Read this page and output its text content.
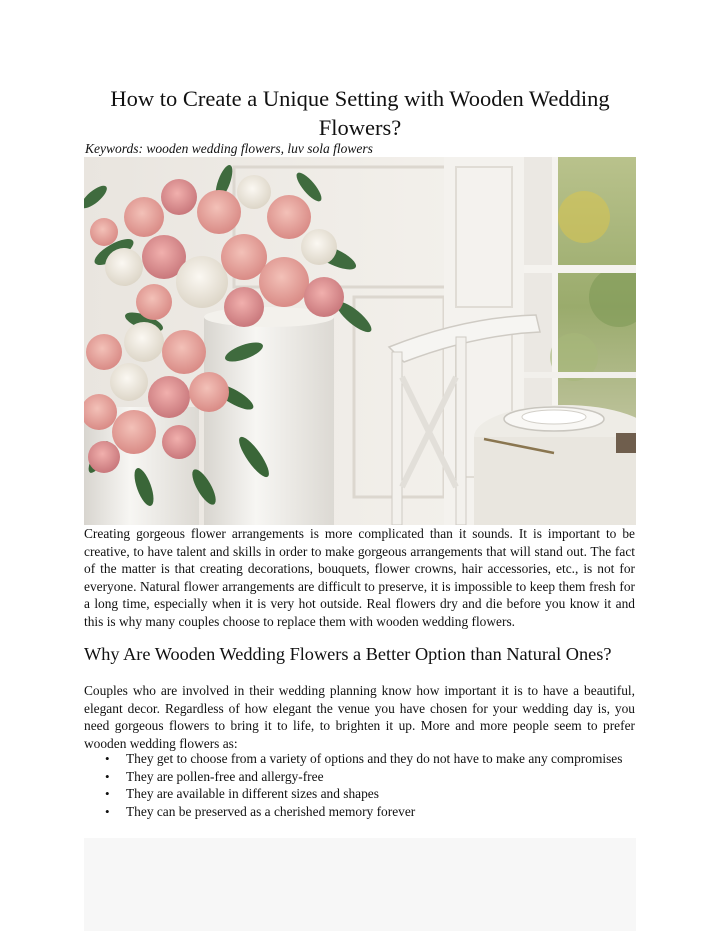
How to Create a Unique Setting with Wooden Wedding Flowers?
Keywords: wooden wedding flowers, luv sola flowers

Creating gorgeous flower arrangements is more complicated than it sounds. It is important to be creative, to have talent and skills in order to make gorgeous arrangements that will stand out. The fact of the matter is that creating decorations, bouquets, flower crowns, hair accessories, etc., is not for everyone. Natural flower arrangements are difficult to preserve, it is impossible to keep them fresh for a long time, especially when it is very hot outside. Real flowers dry and die before you know it and this is why many couples choose to replace them with wooden wedding flowers.

Why Are Wooden Wedding Flowers a Better Option than Natural Ones?

Couples who are involved in their wedding planning know how important it is to have a beautiful, elegant decor. Regardless of how elegant the venue you have chosen for your wedding day is, you need gorgeous flowers to bring it to life, to brighten it up. More and more people seem to prefer wooden wedding flowers as:

• They get to choose from a variety of options and they do not have to make any compromises
• They are pollen-free and allergy-free
• They are available in different sizes and shapes
• They can be preserved as a cherished memory forever
